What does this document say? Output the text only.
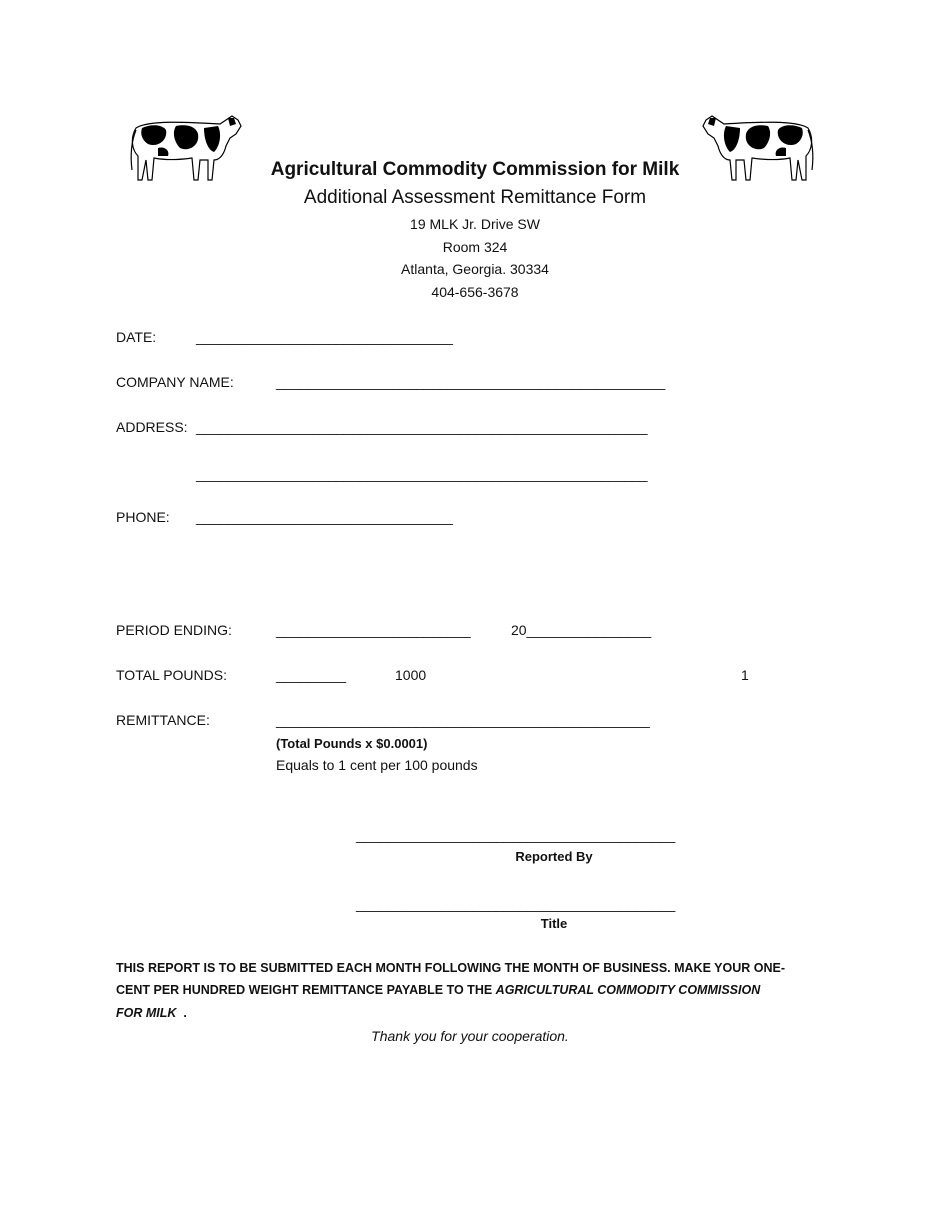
Agricultural Commodity Commission for Milk
Additional Assessment Remittance Form
19 MLK Jr. Drive SW
Room 324
Atlanta, Georgia. 30334
404-656-3678
DATE:	_________________________________
COMPANY NAME:	__________________________________________________
ADDRESS: __________________________________________________________
__________________________________________________________
PHONE: _________________________________
PERIOD ENDING:	_________________________	20________________
TOTAL POUNDS:	_________	1000	1
REMITTANCE:	________________________________________________
(Total Pounds x $0.0001)
Equals to 1 cent per 100 pounds
_________________________________________
Reported By
_________________________________________
Title
THIS REPORT IS TO BE SUBMITTED EACH MONTH FOLLOWING THE MONTH OF BUSINESS. MAKE YOUR ONE-
CENT PER HUNDRED WEIGHT REMITTANCE PAYABLE TO THE AGRICULTURAL COMMODITY COMMISSION
FOR MILK  .
Thank you for your cooperation.
